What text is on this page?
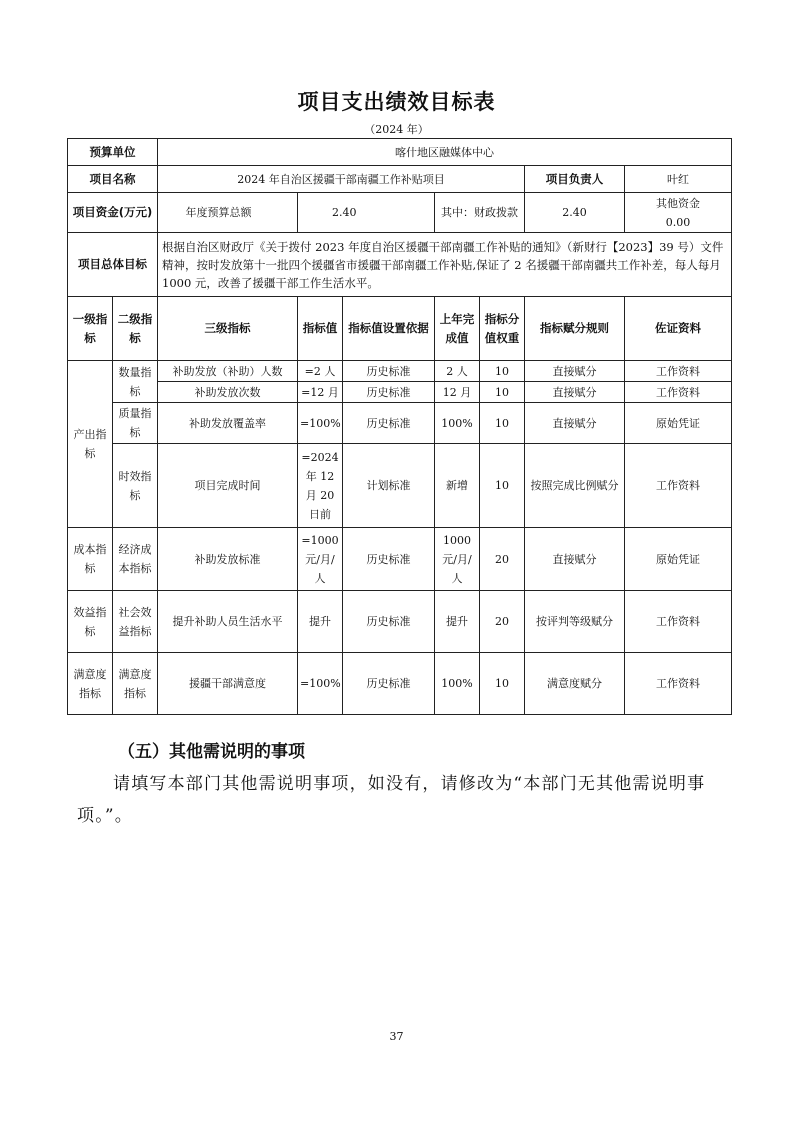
项目支出绩效目标表
（2024 年）
预算单位		喀什地区融媒体中心						
项目名称		2024 年自治区援疆干部南疆工作补贴项目					项目负责人	叶红
项目资金(万元)		年度预算总额	2.40		其中：财政拨款		2.40	其他资金 0.00
项目总体目标		根据自治区财政厅《关于拨付 2023 年度自治区援疆干部南疆工作补贴的通知》（新财行【2023】39 号）文件精神，按时发放第十一批四个援疆省市援疆干部南疆工作补贴,保证了 2 名援疆干部南疆共工作补差，每人每月 1000 元，改善了援疆干部工作生活水平。						
一级指标	二级指标	三级指标	指标值	指标值设置依据	上年完成值	指标分值权重	指标赋分规则	佐证资料
产出指标	数量指标	补助发放（补助）人数	=2 人	历史标准	2 人	10	直接赋分	工作资料
		补助发放次数	=12 月	历史标准	12 月	10	直接赋分	工作资料
	质量指标	补助发放覆盖率	=100%	历史标准	100%	10	直接赋分	原始凭证
	时效指标	项目完成时间	=2024 年 12 月 20 日前	计划标准	新增	10	按照完成比例赋分	工作资料
成本指标	经济成本指标	补助发放标准	=1000 元/月/人	历史标准	1000 元/月/人	20	直接赋分	原始凭证
效益指标	社会效益指标	提升补助人员生活水平	提升	历史标准	提升	20	按评判等级赋分	工作资料
满意度指标	满意度指标	援疆干部满意度	=100%	历史标准	100%	10	满意度赋分	工作资料
（五）其他需说明的事项
请填写本部门其他需说明事项，如没有，请修改为“本部门无其他需说明事项。”。
37
